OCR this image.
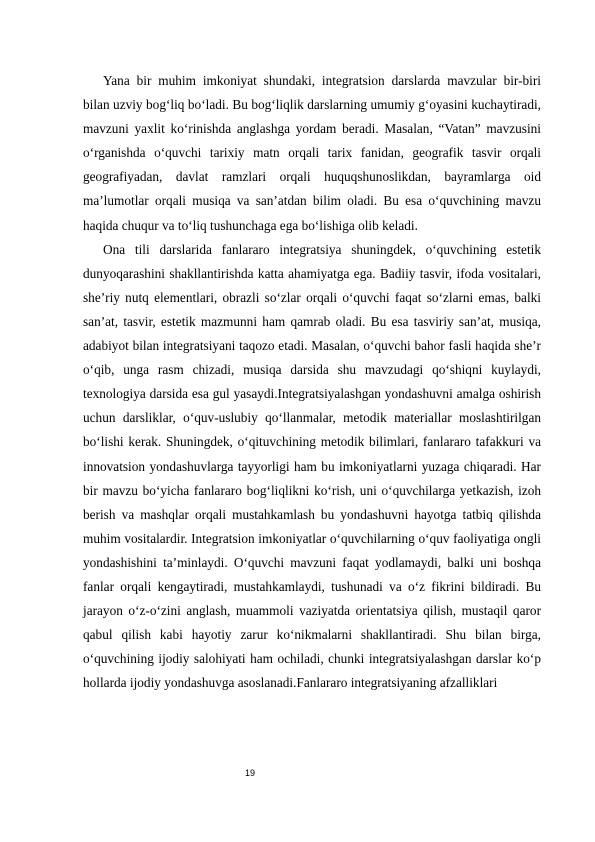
Yana bir muhim imkoniyat shundaki, integratsion darslarda mavzular bir-biri bilan uzviy bog‘liq bo‘ladi. Bu bog‘liqlik darslarning umumiy g‘oyasini kuchaytiradi, mavzuni yaxlit ko‘rinishda anglashga yordam beradi. Masalan, “Vatan” mavzusini o‘rganishda o‘quvchi tarixiy matn orqali tarix fanidan, geografik tasvir orqali geografiyadan, davlat ramzlari orqali huquqshunoslikdan, bayramlarga oid ma’lumotlar orqali musiqa va san’atdan bilim oladi. Bu esa o‘quvchining mavzu haqida chuqur va to‘liq tushunchaga ega bo‘lishiga olib keladi.

Ona tili darslarida fanlararo integratsiya shuningdek, o‘quvchining estetik dunyoqarashini shakllantirishda katta ahamiyatga ega. Badiiy tasvir, ifoda vositalari, she’riy nutq elementlari, obrazli so‘zlar orqali o‘quvchi faqat so‘zlarni emas, balki san’at, tasvir, estetik mazmunni ham qamrab oladi. Bu esa tasviriy san’at, musiqa, adabiyot bilan integratsiyani taqozo etadi. Masalan, o‘quvchi bahor fasli haqida she’r o‘qib, unga rasm chizadi, musiqa darsida shu mavzudagi qo‘shiqni kuylaydi, texnologiya darsida esa gul yasaydi.Integratsiyalashgan yondashuvni amalga oshirish uchun darsliklar, o‘quv-uslubiy qo‘llanmalar, metodik materiallar moslashtirilgan bo‘lishi kerak. Shuningdek, o‘qituvchining metodik bilimlari, fanlararo tafakkuri va innovatsion yondashuvlarga tayyorligi ham bu imkoniyatlarni yuzaga chiqaradi. Har bir mavzu bo‘yicha fanlararo bog‘liqlikni ko‘rish, uni o‘quvchilarga yetkazish, izoh berish va mashqlar orqali mustahkamlash bu yondashuvni hayotga tatbiq qilishda muhim vositalardir. Integratsion imkoniyatlar o‘quvchilarning o‘quv faoliyatiga ongli yondashishini ta’minlaydi. O‘quvchi mavzuni faqat yodlamaydi, balki uni boshqa fanlar orqali kengaytiradi, mustahkamlaydi, tushunadi va o‘z fikrini bildiradi. Bu jarayon o‘z-o‘zini anglash, muammoli vaziyatda orientatsiya qilish, mustaqil qaror qabul qilish kabi hayotiy zarur ko‘nikmalarni shakllantiradi. Shu bilan birga, o‘quvchining ijodiy salohiyati ham ochiladi, chunki integratsiyalashgan darslar ko‘p hollarda ijodiy yondashuvga asoslanadi.Fanlararo integratsiyaning afzalliklari

19
